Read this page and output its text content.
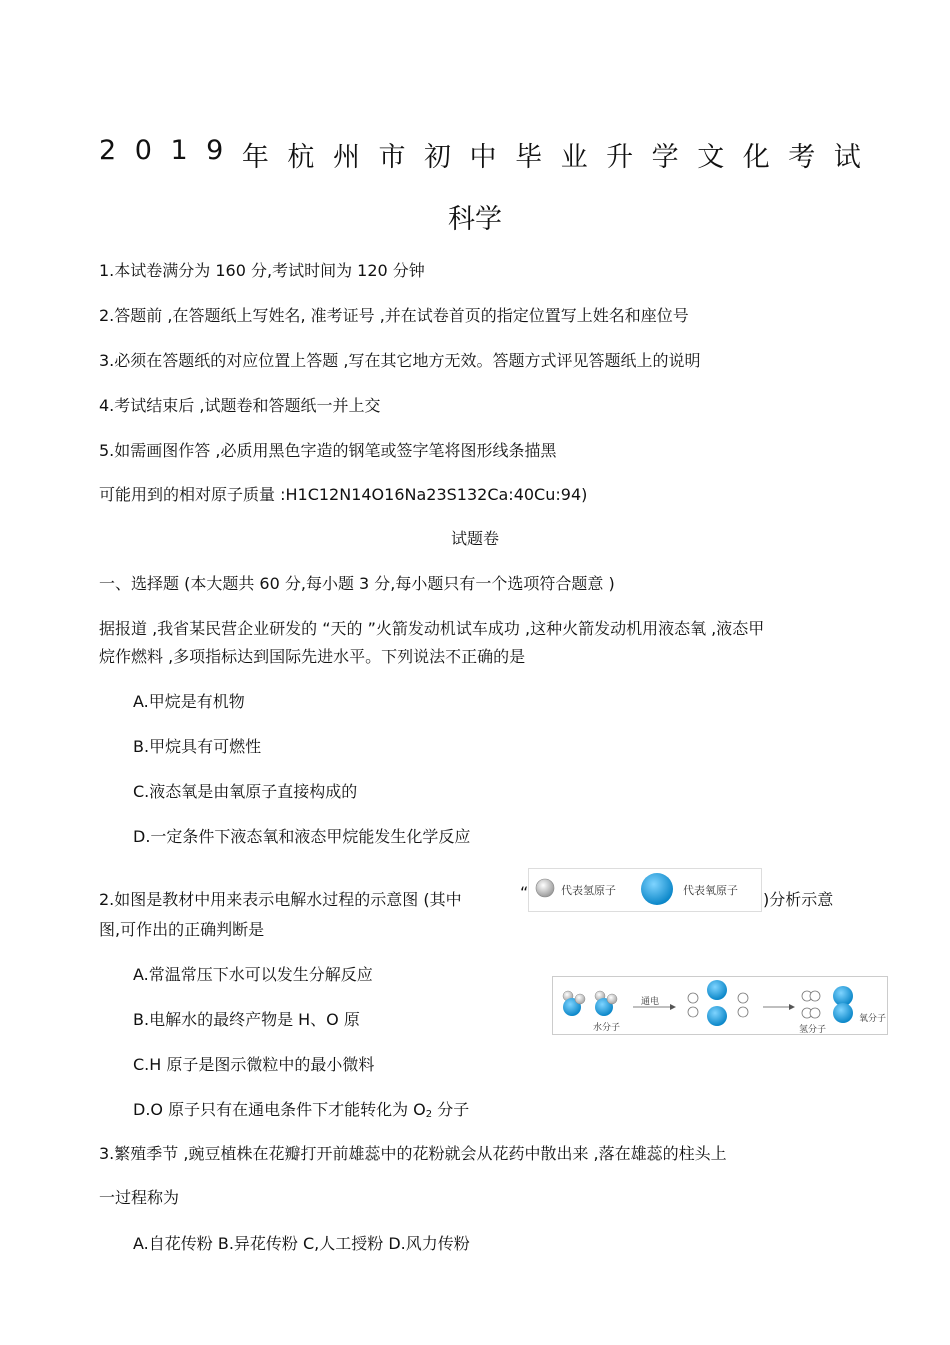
2 0 1 9 年 杭 州 市 初 中 毕 业 升 学 文 化 考 试
科学
1.本试卷满分为 160 分,考试时间为 120 分钟
2.答题前 ,在答题纸上写姓名, 准考证号 ,并在试卷首页的指定位置写上姓名和座位号
3.必须在答题纸的对应位置上答题 ,写在其它地方无效。答题方式评见答题纸上的说明
4.考试结束后 ,试题卷和答题纸一并上交
5.如需画图作答 ,必质用黑色字造的钢笔或签字笔将图形线条描黑
可能用到的相对原子质量 :H1C12N14O16Na23S132Ca:40Cu:94)
试题卷
一、选择题 (本大题共 60 分,每小题 3 分,每小题只有一个选项符合题意 )
据报道 ,我省某民营企业研发的 “天的 ”火箭发动机试车成功 ,这种火箭发动机用液态氧 ,液态甲
烷作燃料 ,多项指标达到国际先进水平。下列说法不正确的是
A.甲烷是有机物
B.甲烷具有可燃性
C.液态氧是由氧原子直接构成的
D.一定条件下液态氧和液态甲烷能发生化学反应
2.如图是教材中用来表示电解水过程的示意图 (其中	“	代表氢原子	代表氧原子 )分析示意
图,可作出的正确判断是
A.常温常压下水可以发生分解反应
B.电解水的最终产物是 H、O 原
C.H 原子是图示微粒中的最小微料
D.O 原子只有在通电条件下才能转化为 $O_2$ 分子
水分子
通电
氢分子
氧分子
3.繁殖季节 ,豌豆植株在花瓣打开前雄蕊中的花粉就会从花药中散出来 ,落在雄蕊的柱头上
一过程称为
A.自花传粉 B.异花传粉 C,人工授粉 D.风力传粉
